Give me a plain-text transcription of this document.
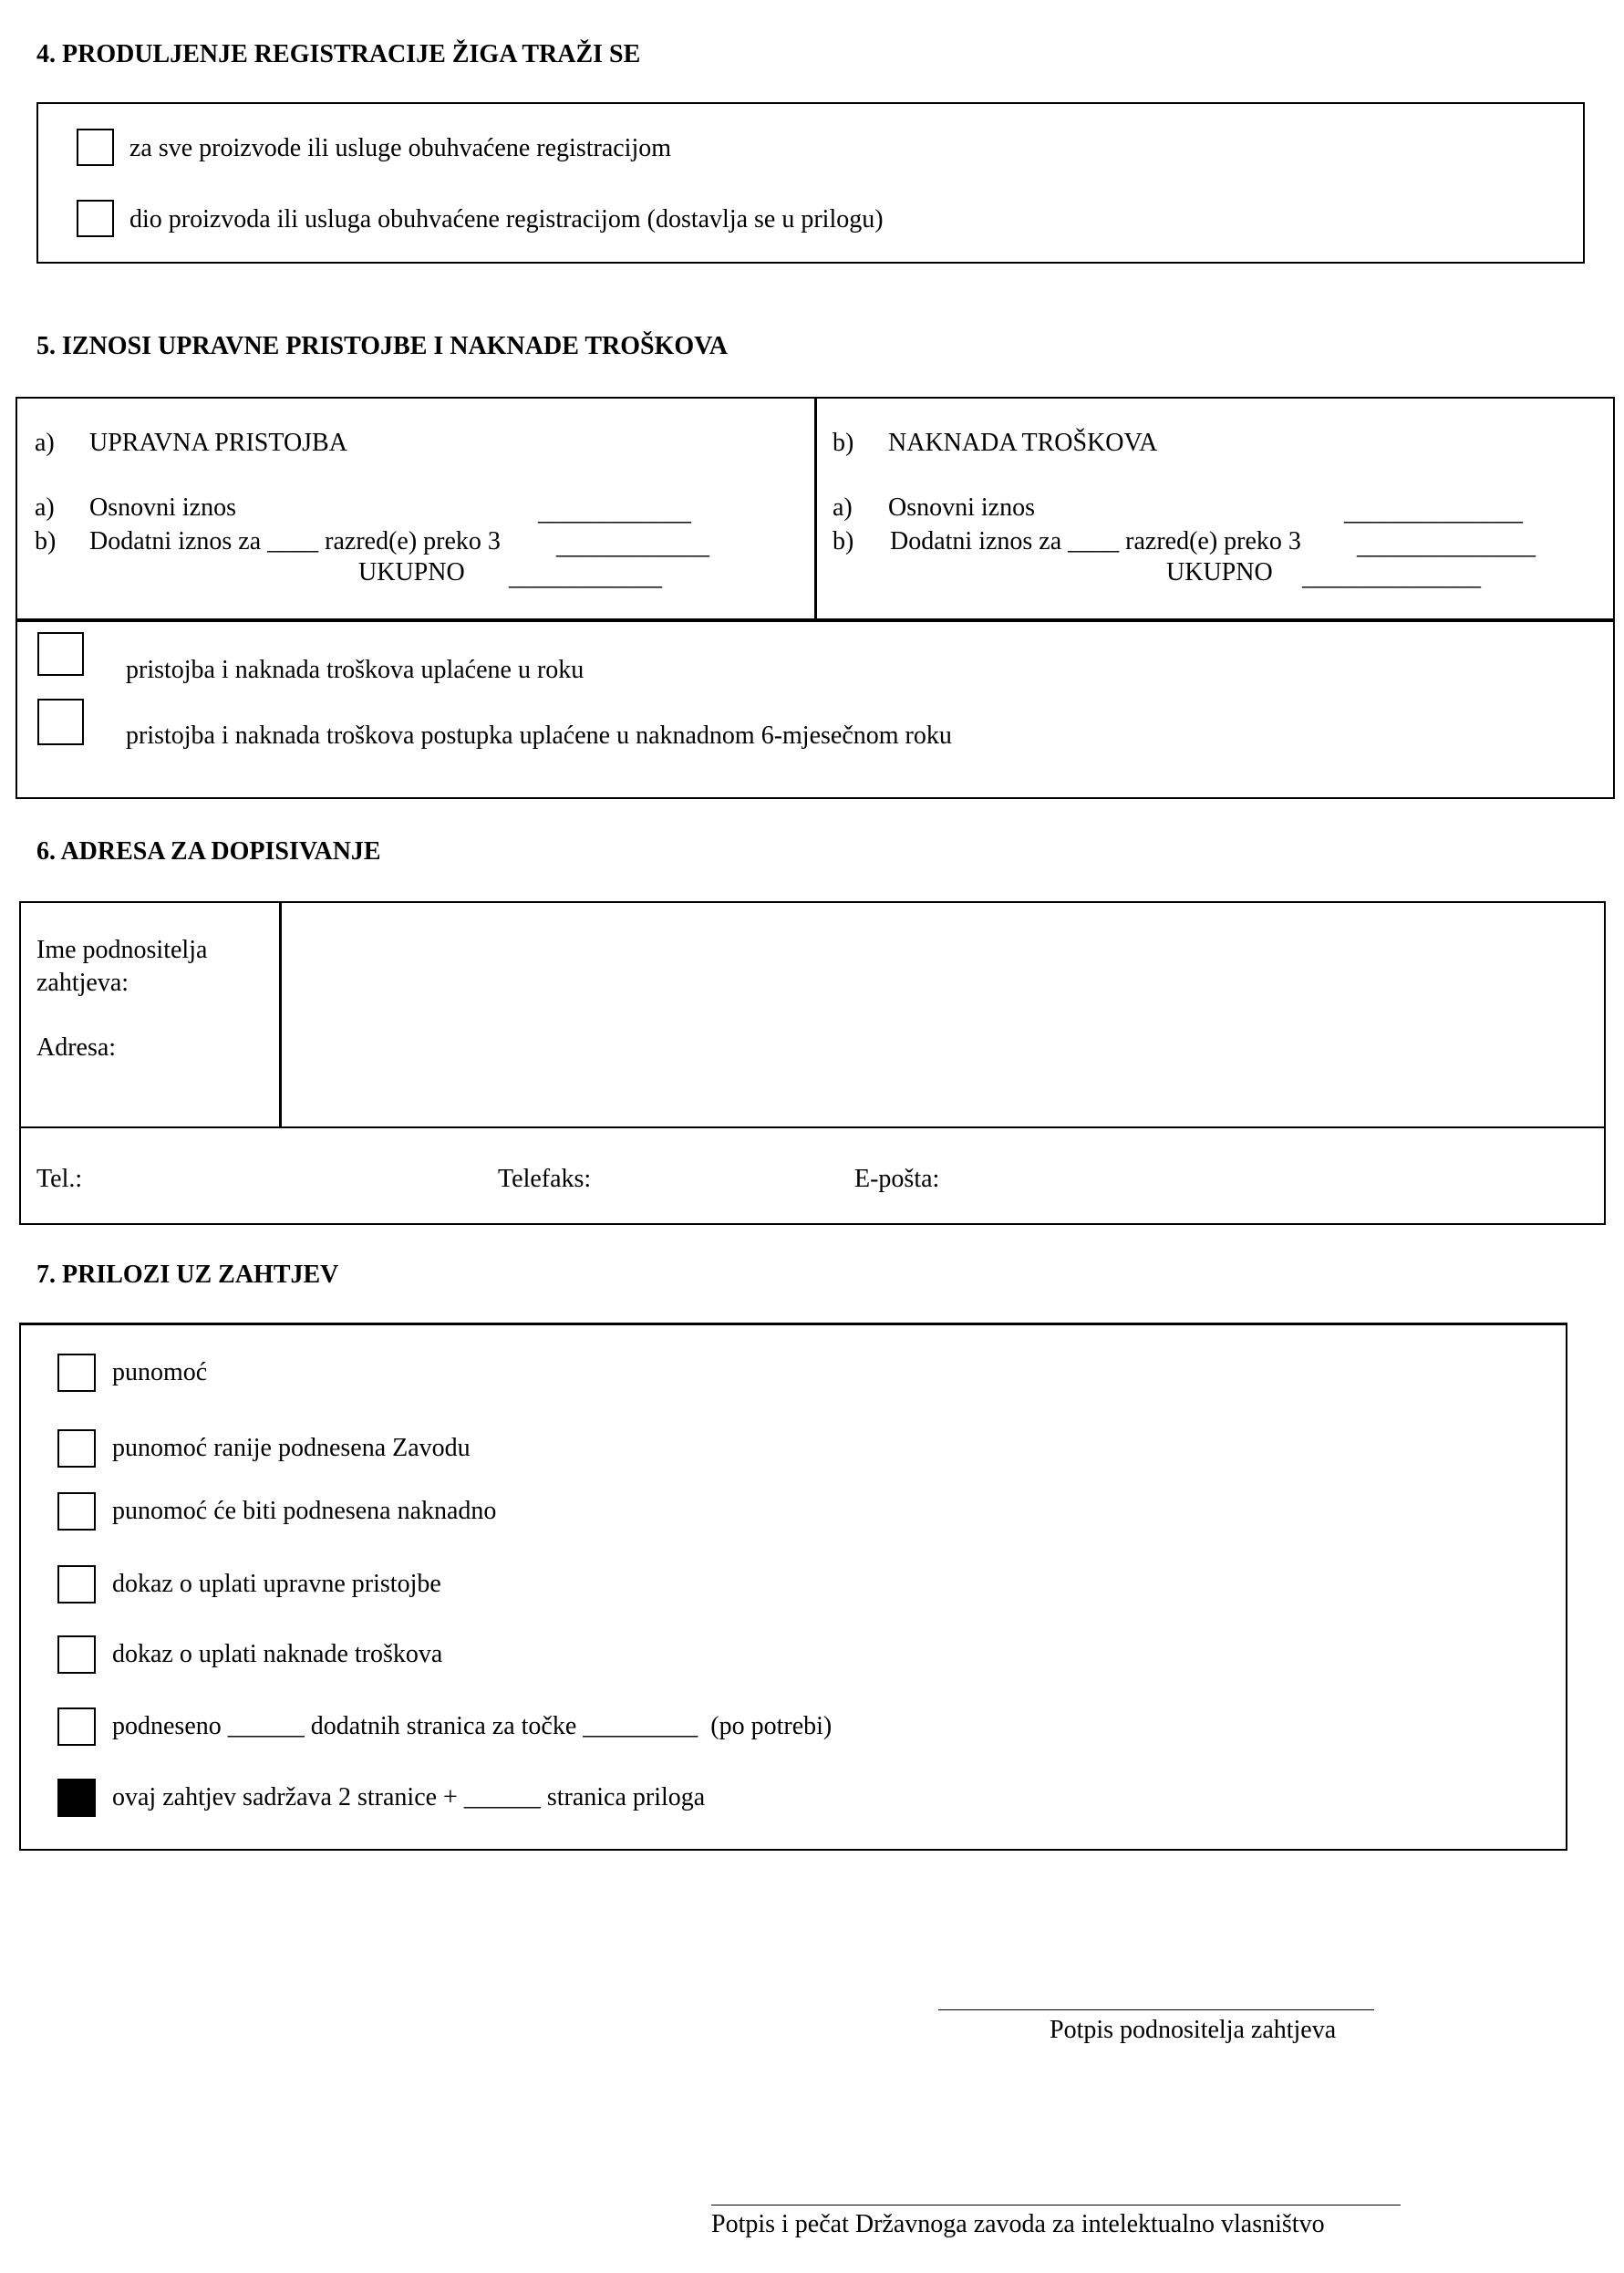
4. PRODULJENJE REGISTRACIJE ŽIGA TRAŽI SE
za sve proizvode ili usluge obuhvaćene registracijom
dio proizvoda ili usluga obuhvaćene registracijom (dostavlja se u prilogu)
5. IZNOSI UPRAVNE PRISTOJBE I NAKNADE TROŠKOVA
a) UPRAVNA PRISTOJBA
a) Osnovni iznos	____________
b) Dodatni iznos za ____ razred(e) preko 3 ____________
UKUPNO ____________
b) NAKNADA TROŠKOVA
a) Osnovni iznos	______________
b) Dodatni iznos za ____ razred(e) preko 3 ______________
UKUPNO ______________
pristojba i naknada troškova uplaćene u roku
pristojba i naknada troškova postupka uplaćene u naknadnom 6-mjesečnom roku
6. ADRESA ZA DOPISIVANJE
Ime podnositelja
zahtjeva:
Adresa:
Tel.:	Telefaks:	E-pošta:
7. PRILOZI UZ ZAHTJEV
punomoć
punomoć ranije podnesena Zavodu
punomoć će biti podnesena naknadno
dokaz o uplati upravne pristojbe
dokaz o uplati naknade troškova
podneseno ______ dodatnih stranica za točke _________  (po potrebi)
ovaj zahtjev sadržava 2 stranice + ______ stranica priloga
Potpis podnositelja zahtjeva
Potpis i pečat Državnoga zavoda za intelektualno vlasništvo
